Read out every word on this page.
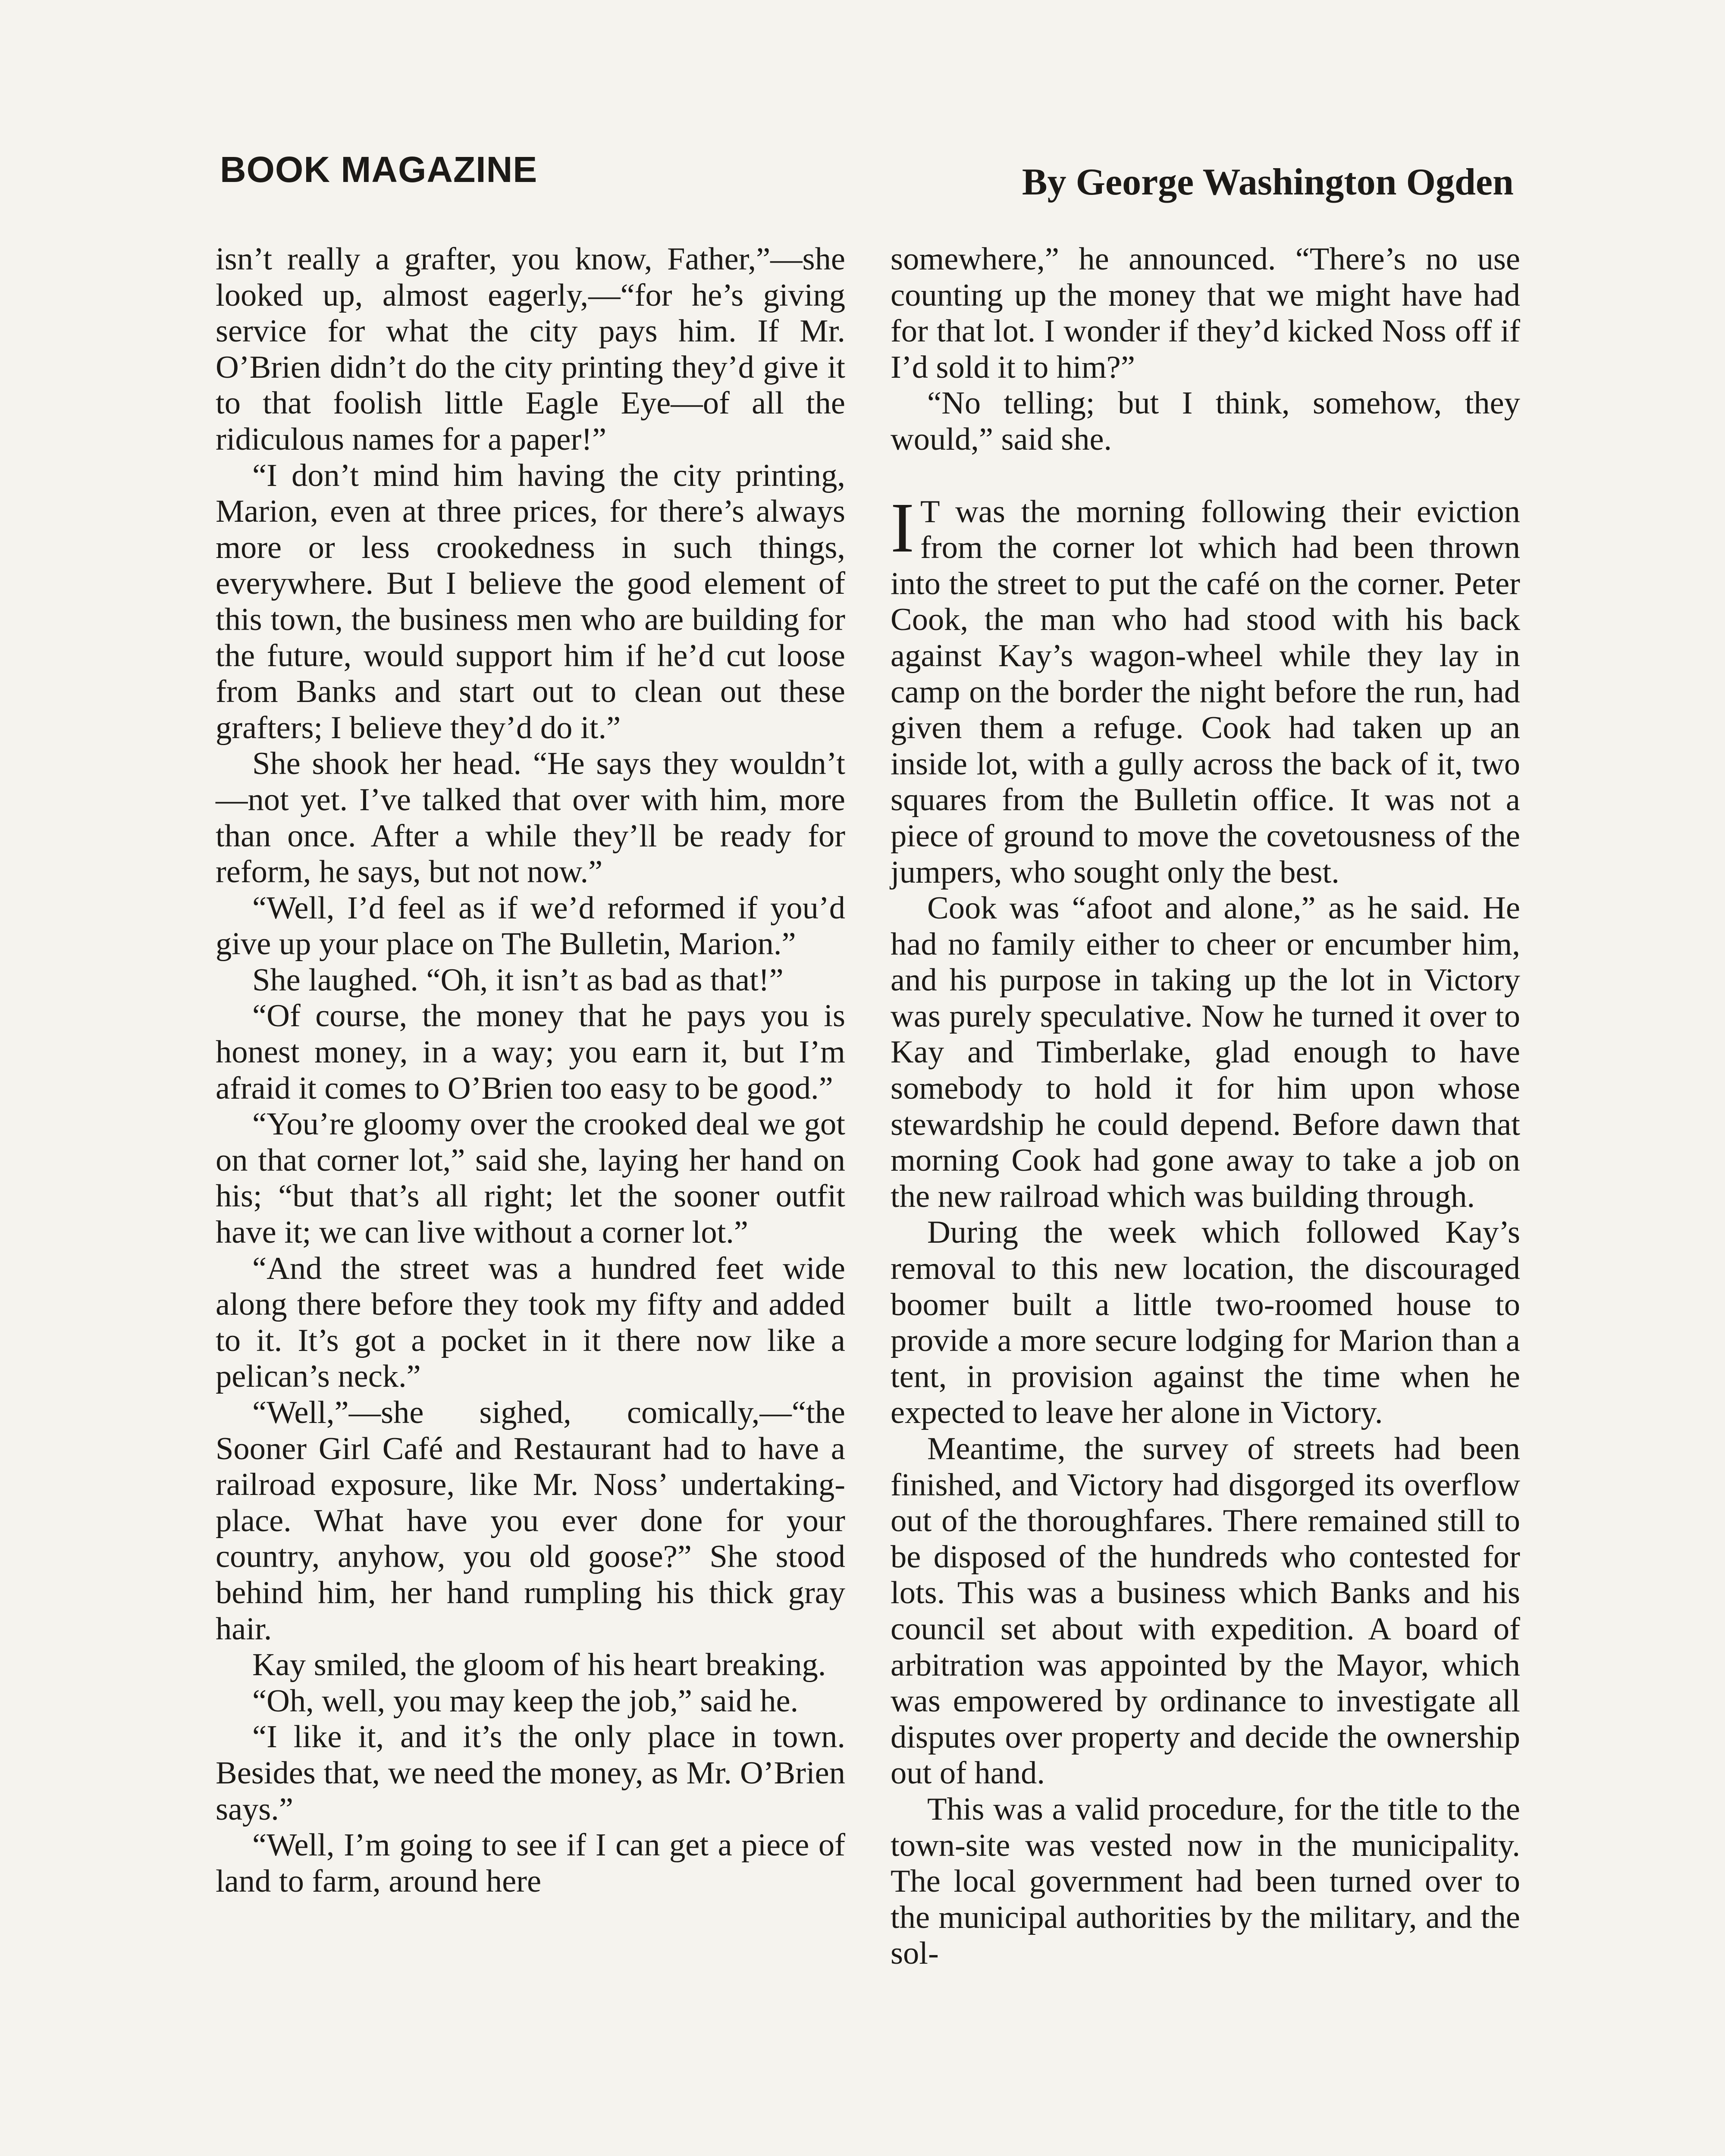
BOOK MAGAZINE	By George Washington Ogden

isn’t really a grafter, you know, Father,”—she looked up, almost eagerly,—“for he’s giving service for what the city pays him. If Mr. O’Brien didn’t do the city printing they’d give it to that foolish little Eagle Eye—of all the ridiculous names for a paper!”

“I don’t mind him having the city printing, Marion, even at three prices, for there’s always more or less crookedness in such things, everywhere. But I believe the good element of this town, the business men who are building for the future, would support him if he’d cut loose from Banks and start out to clean out these grafters; I believe they’d do it.”

She shook her head. “He says they wouldn’t—not yet. I’ve talked that over with him, more than once. After a while they’ll be ready for reform, he says, but not now.”

“Well, I’d feel as if we’d reformed if you’d give up your place on The Bulletin, Marion.”

She laughed. “Oh, it isn’t as bad as that!”

“Of course, the money that he pays you is honest money, in a way; you earn it, but I’m afraid it comes to O’Brien too easy to be good.”

“You’re gloomy over the crooked deal we got on that corner lot,” said she, laying her hand on his; “but that’s all right; let the sooner outfit have it; we can live without a corner lot.”

“And the street was a hundred feet wide along there before they took my fifty and added to it. It’s got a pocket in it there now like a pelican’s neck.”

“Well,”—she sighed, comically,—“the Sooner Girl Café and Restaurant had to have a railroad exposure, like Mr. Noss’ undertaking-place. What have you ever done for your country, anyhow, you old goose?” She stood behind him, her hand rumpling his thick gray hair.

Kay smiled, the gloom of his heart breaking.

“Oh, well, you may keep the job,” said he.

“I like it, and it’s the only place in town. Besides that, we need the money, as Mr. O’Brien says.”

“Well, I’m going to see if I can get a piece of land to farm, around here

somewhere,” he announced. “There’s no use counting up the money that we might have had for that lot. I wonder if they’d kicked Noss off if I’d sold it to him?”

“No telling; but I think, somehow, they would,” said she.

I T was the morning following their eviction from the corner lot which had been thrown into the street to put the café on the corner. Peter Cook, the man who had stood with his back against Kay’s wagon-wheel while they lay in camp on the border the night before the run, had given them a refuge. Cook had taken up an inside lot, with a gully across the back of it, two squares from the Bulletin office. It was not a piece of ground to move the covetousness of the jumpers, who sought only the best.

Cook was “afoot and alone,” as he said. He had no family either to cheer or encumber him, and his purpose in taking up the lot in Victory was purely speculative. Now he turned it over to Kay and Timberlake, glad enough to have somebody to hold it for him upon whose stewardship he could depend. Before dawn that morning Cook had gone away to take a job on the new railroad which was building through.

During the week which followed Kay’s removal to this new location, the discouraged boomer built a little two-roomed house to provide a more secure lodging for Marion than a tent, in provision against the time when he expected to leave her alone in Victory.

Meantime, the survey of streets had been finished, and Victory had disgorged its overflow out of the thoroughfares. There remained still to be disposed of the hundreds who contested for lots. This was a business which Banks and his council set about with expedition. A board of arbitration was appointed by the Mayor, which was empowered by ordinance to investigate all disputes over property and decide the ownership out of hand.

This was a valid procedure, for the title to the town-site was vested now in the municipality. The local government had been turned over to the municipal authorities by the military, and the sol-
